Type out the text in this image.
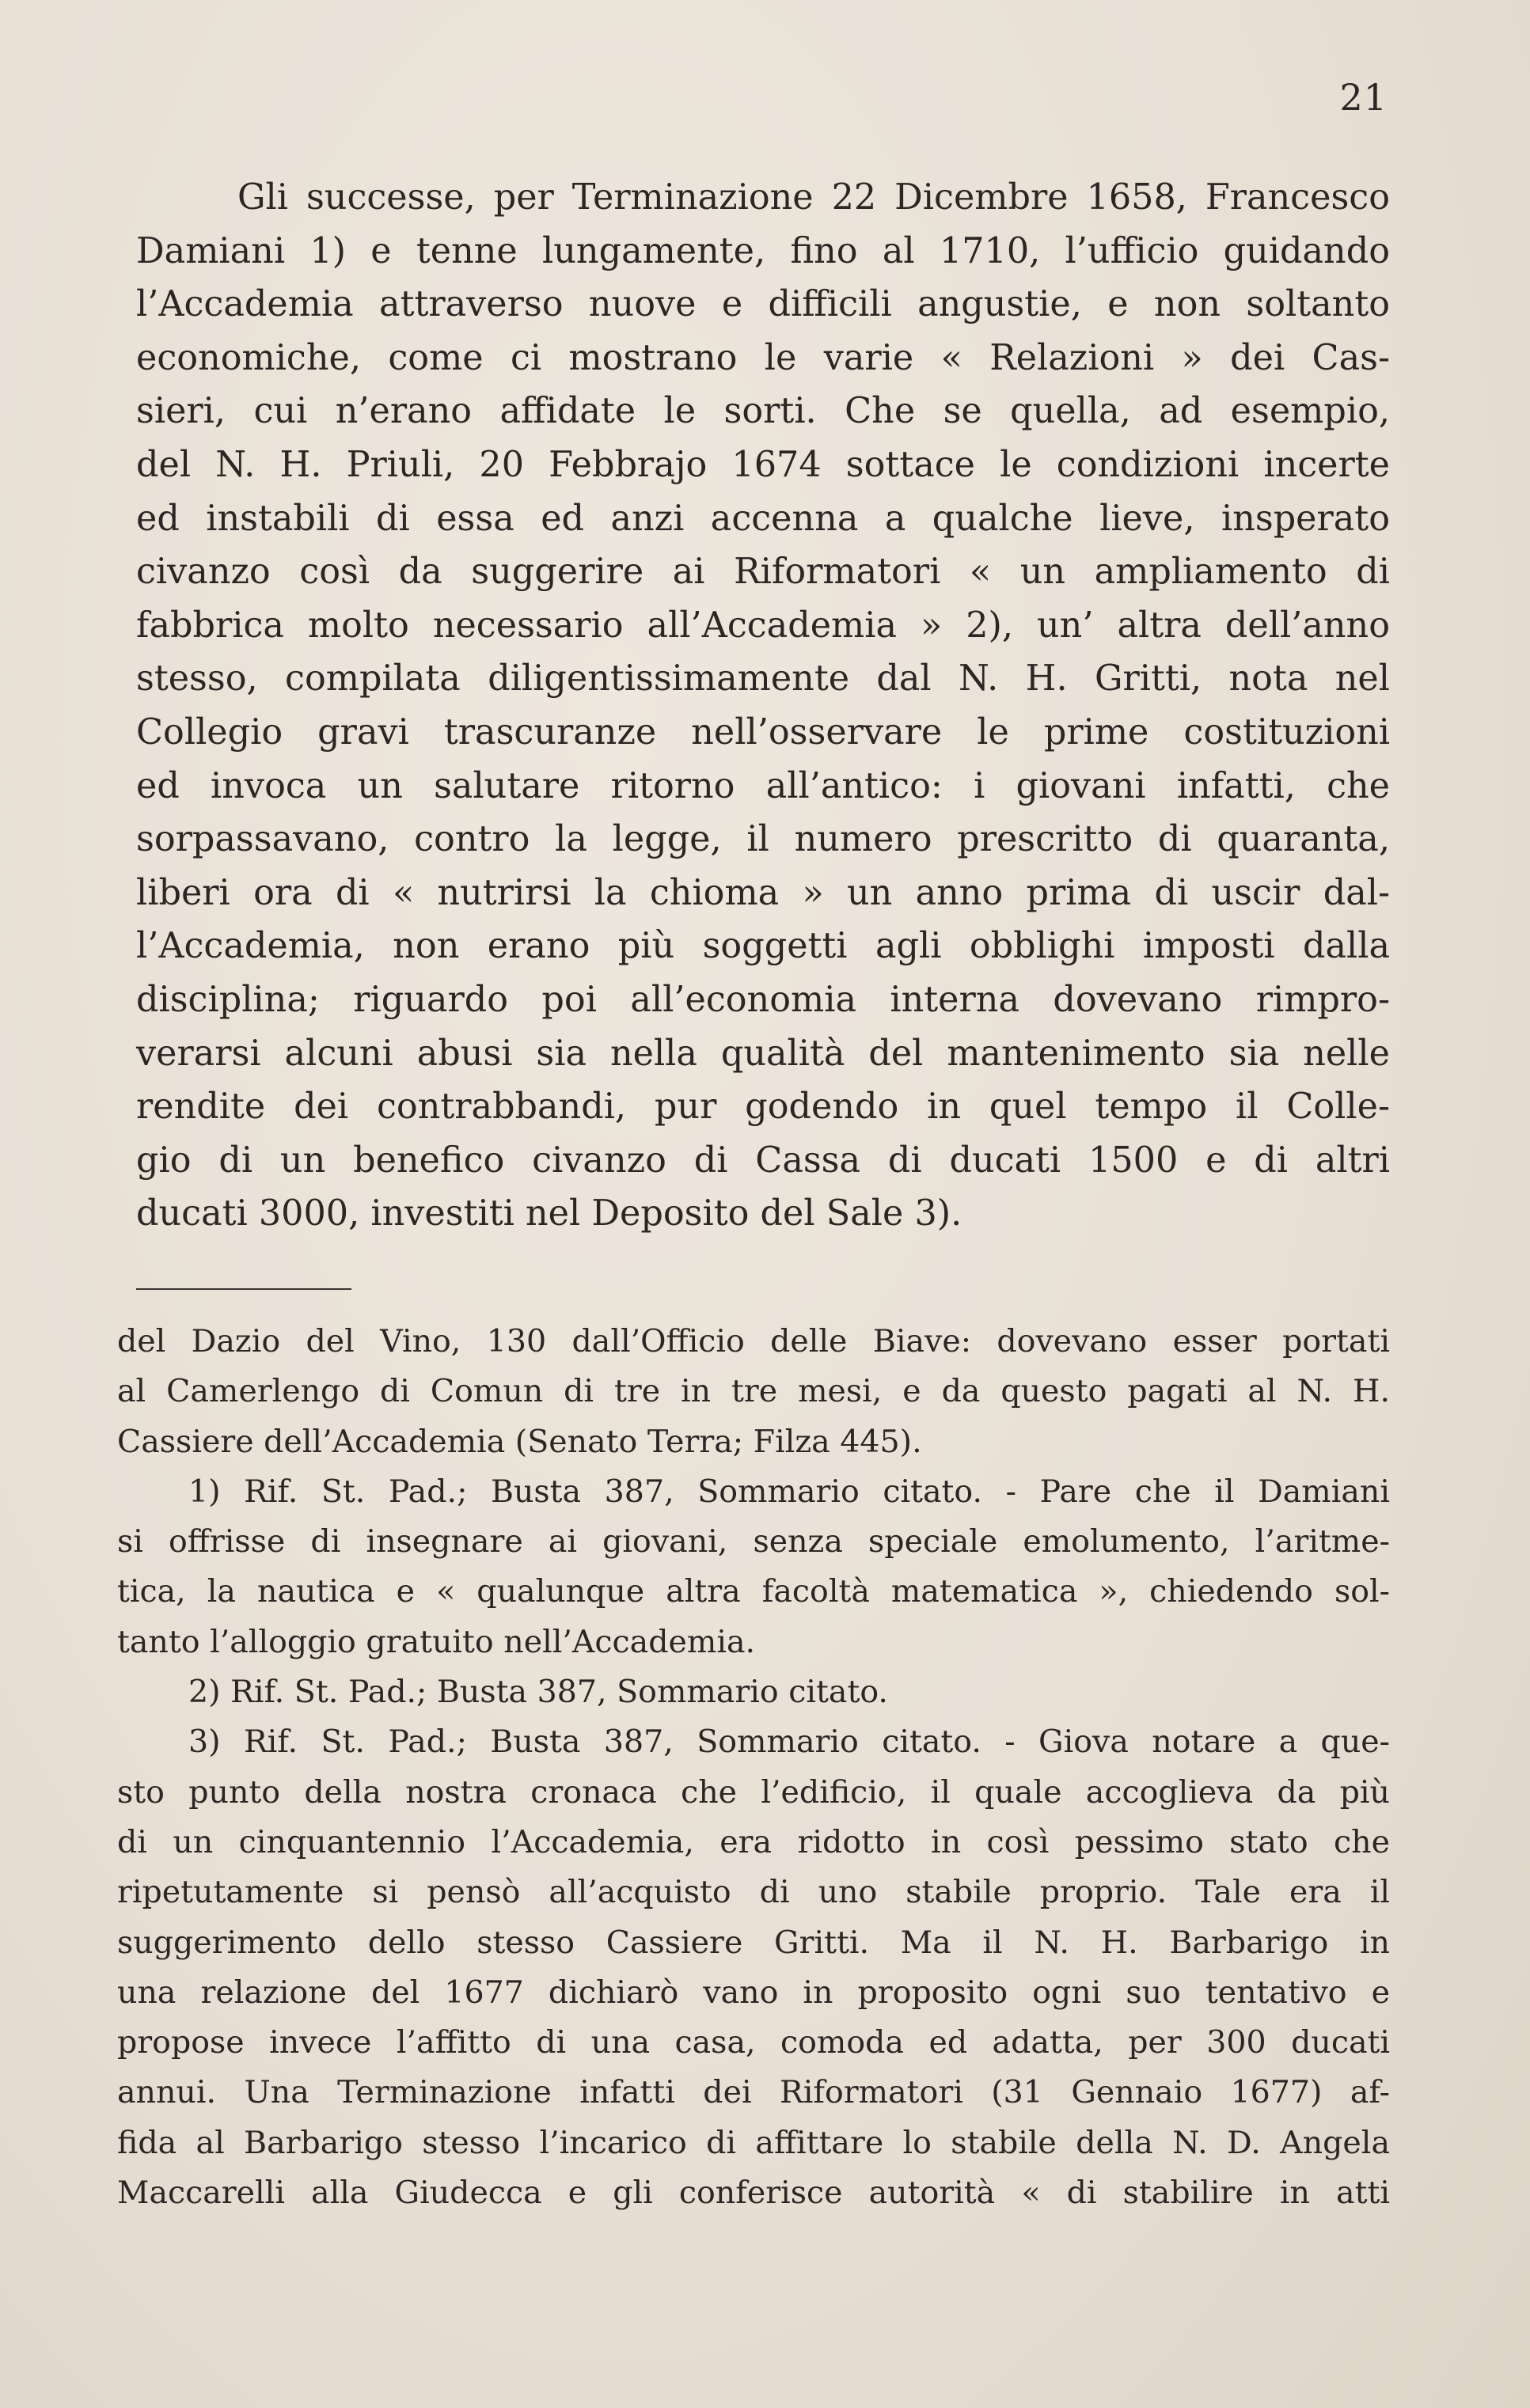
21
Gli successe, per Terminazione 22 Dicembre 1658, Francesco
Damiani 1) e tenne lungamente, fino al 1710, l’ufficio guidando
l’Accademia attraverso nuove e difficili angustie, e non soltanto
economiche, come ci mostrano le varie « Relazioni » dei Cas-
sieri, cui n’erano affidate le sorti. Che se quella, ad esempio,
del N. H. Priuli, 20 Febbrajo 1674 sottace le condizioni incerte
ed instabili di essa ed anzi accenna a qualche lieve, insperato
civanzo così da suggerire ai Riformatori « un ampliamento di
fabbrica molto necessario all’Accademia » 2), un’ altra dell’anno
stesso, compilata diligentissimamente dal N. H. Gritti, nota nel
Collegio gravi trascuranze nell’osservare le prime costituzioni
ed invoca un salutare ritorno all’antico: i giovani infatti, che
sorpassavano, contro la legge, il numero prescritto di quaranta,
liberi ora di « nutrirsi la chioma » un anno prima di uscir dal-
l’Accademia, non erano più soggetti agli obblighi imposti dalla
disciplina; riguardo poi all’economia interna dovevano rimpro-
verarsi alcuni abusi sia nella qualità del mantenimento sia nelle
rendite dei contrabbandi, pur godendo in quel tempo il Colle-
gio di un benefico civanzo di Cassa di ducati 1500 e di altri
ducati 3000, investiti nel Deposito del Sale 3).
del Dazio del Vino, 130 dall’Officio delle Biave: dovevano esser portati
al Camerlengo di Comun di tre in tre mesi, e da questo pagati al N. H.
Cassiere dell’Accademia (Senato Terra; Filza 445).
1) Rif. St. Pad.; Busta 387, Sommario citato. - Pare che il Damiani
si offrisse di insegnare ai giovani, senza speciale emolumento, l’aritme-
tica, la nautica e « qualunque altra facoltà matematica », chiedendo sol-
tanto l’alloggio gratuito nell’Accademia.
2) Rif. St. Pad.; Busta 387, Sommario citato.
3) Rif. St. Pad.; Busta 387, Sommario citato. - Giova notare a que-
sto punto della nostra cronaca che l’edificio, il quale accoglieva da più
di un cinquantennio l’Accademia, era ridotto in così pessimo stato che
ripetutamente si pensò all’acquisto di uno stabile proprio. Tale era il
suggerimento dello stesso Cassiere Gritti. Ma il N. H. Barbarigo in
una relazione del 1677 dichiarò vano in proposito ogni suo tentativo e
propose invece l’affitto di una casa, comoda ed adatta, per 300 ducati
annui. Una Terminazione infatti dei Riformatori (31 Gennaio 1677) af-
fida al Barbarigo stesso l’incarico di affittare lo stabile della N. D. Angela
Maccarelli alla Giudecca e gli conferisce autorità « di stabilire in atti
